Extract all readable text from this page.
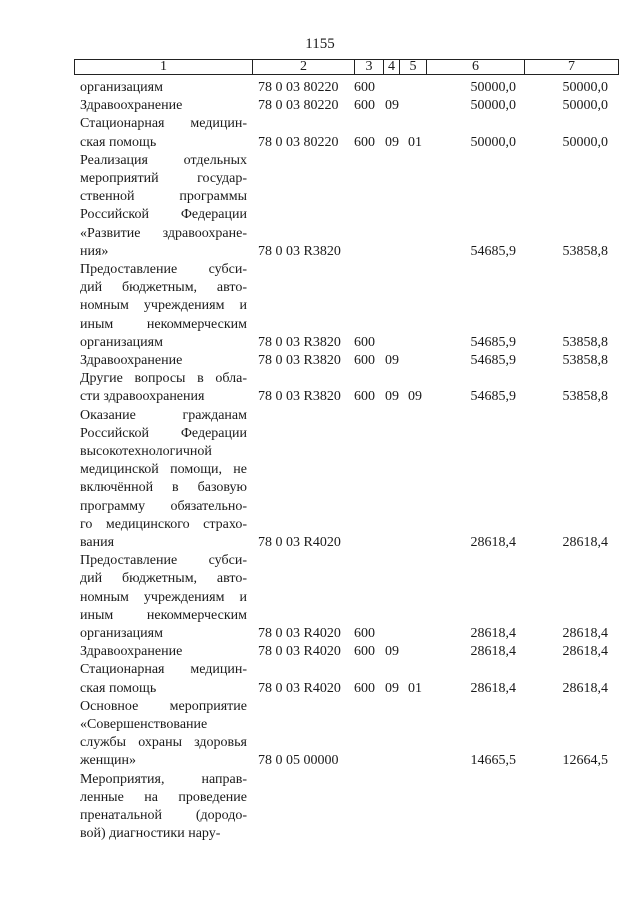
1155
1	2	3	4	5	6	7
организациям	78 0 03 80220 600	50000,0	50000,0
Здравоохранение	78 0 03 80220 600 09	50000,0	50000,0
Стационарная медицин-
ская помощь	78 0 03 80220 600 09 01	50000,0	50000,0
Реализация отдельных
мероприятий государ-
ственной программы
Российской Федерации
«Развитие здравоохране-
ния»	78 0 03 R3820	54685,9	53858,8
Предоставление субси-
дий бюджетным, авто-
номным учреждениям и
иным некоммерческим
организациям	78 0 03 R3820 600	54685,9	53858,8
Здравоохранение	78 0 03 R3820 600 09	54685,9	53858,8
Другие вопросы в обла-
сти здравоохранения	78 0 03 R3820 600 09 09	54685,9	53858,8
Оказание гражданам
Российской Федерации
высокотехнологичной
медицинской помощи, не
включённой в базовую
программу обязательно-
го медицинского страхо-
вания	78 0 03 R4020	28618,4	28618,4
Предоставление субси-
дий бюджетным, авто-
номным учреждениям и
иным некоммерческим
организациям	78 0 03 R4020 600	28618,4	28618,4
Здравоохранение	78 0 03 R4020 600 09	28618,4	28618,4
Стационарная медицин-
ская помощь	78 0 03 R4020 600 09 01	28618,4	28618,4
Основное мероприятие
«Совершенствование
службы охраны здоровья
женщин»	78 0 05 00000	14665,5	12664,5
Мероприятия, направ-
ленные на проведение
пренатальной (дородо-
вой) диагностики нару-
